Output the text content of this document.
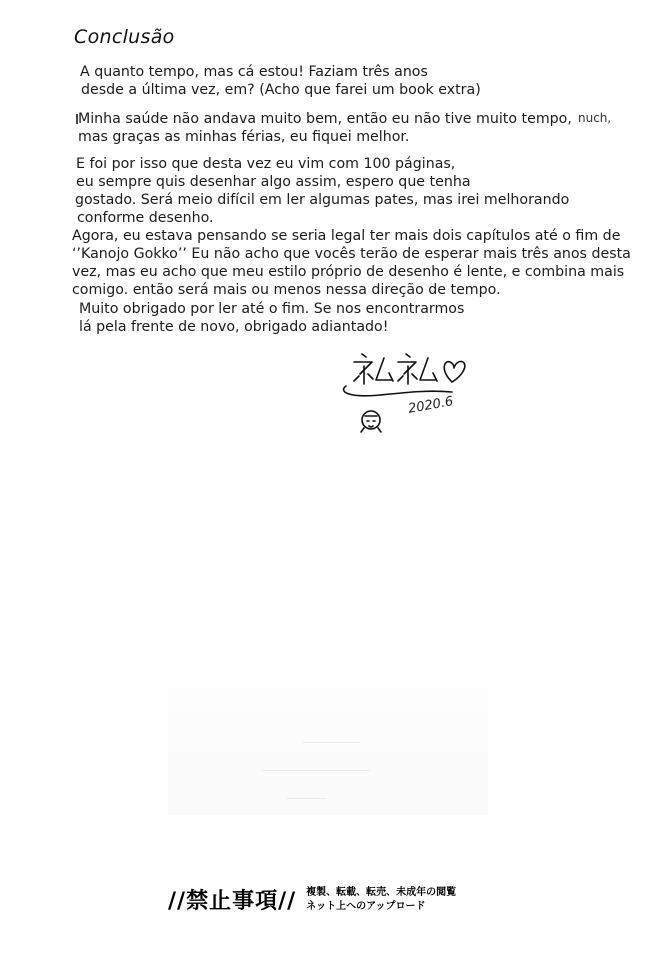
Conclusão
A quanto tempo, mas cá estou! Faziam três anos
desde a última vez, em? (Acho que farei um book extra)
Minha saúde não andava muito bem, então eu não tive muito tempo,
mas graças as minhas férias, eu fiquei melhor.
nuch,
E foi por isso que desta vez eu vim com 100 páginas,
eu sempre quis desenhar algo assim, espero que tenha
gostado. Será meio difícil em ler algumas pates, mas irei melhorando
conforme desenho.
Agora, eu estava pensando se seria legal ter mais dois capítulos até o fim de
‘’Kanojo Gokko’’ Eu não acho que vocês terão de esperar mais três anos desta
vez, mas eu acho que meu estilo próprio de desenho é lente, e combina mais
comigo. então será mais ou menos nessa direção de tempo.
Muito obrigado por ler até o fim. Se nos encontrarmos
lá pela frente de novo, obrigado adiantado!
2020.6
//禁止事項// 複製、転載、転売、未成年の閲覧
ネット上へのアップロード
